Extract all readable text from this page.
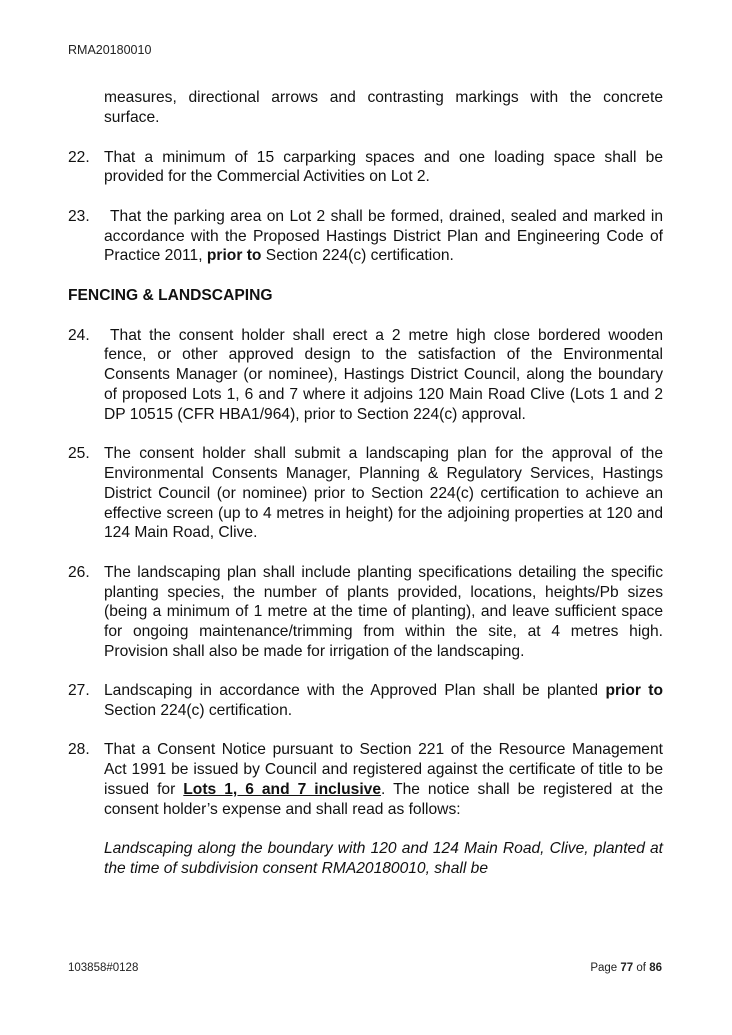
RMA20180010

measures, directional arrows and contrasting markings with the concrete surface.

22. That a minimum of 15 carparking spaces and one loading space shall be provided for the Commercial Activities on Lot 2.
23. That the parking area on Lot 2 shall be formed, drained, sealed and marked in accordance with the Proposed Hastings District Plan and Engineering Code of Practice 2011, prior to Section 224(c) certification.
FENCING & LANDSCAPING
24. That the consent holder shall erect a 2 metre high close bordered wooden fence, or other approved design to the satisfaction of the Environmental Consents Manager (or nominee), Hastings District Council, along the boundary of proposed Lots 1, 6 and 7 where it adjoins 120 Main Road Clive (Lots 1 and 2 DP 10515 (CFR HBA1/964), prior to Section 224(c) approval.
25. The consent holder shall submit a landscaping plan for the approval of the Environmental Consents Manager, Planning & Regulatory Services, Hastings District Council (or nominee) prior to Section 224(c) certification to achieve an effective screen (up to 4 metres in height) for the adjoining properties at 120 and 124 Main Road, Clive.
26. The landscaping plan shall include planting specifications detailing the specific planting species, the number of plants provided, locations, heights/Pb sizes (being a minimum of 1 metre at the time of planting), and leave sufficient space for ongoing maintenance/trimming from within the site, at 4 metres high. Provision shall also be made for irrigation of the landscaping.
27. Landscaping in accordance with the Approved Plan shall be planted prior to Section 224(c) certification.
28. That a Consent Notice pursuant to Section 221 of the Resource Management Act 1991 be issued by Council and registered against the certificate of title to be issued for Lots 1, 6 and 7 inclusive. The notice shall be registered at the consent holder’s expense and shall read as follows:

Landscaping along the boundary with 120 and 124 Main Road, Clive, planted at the time of subdivision consent RMA20180010, shall be

103858#0128	Page 77 of 86
